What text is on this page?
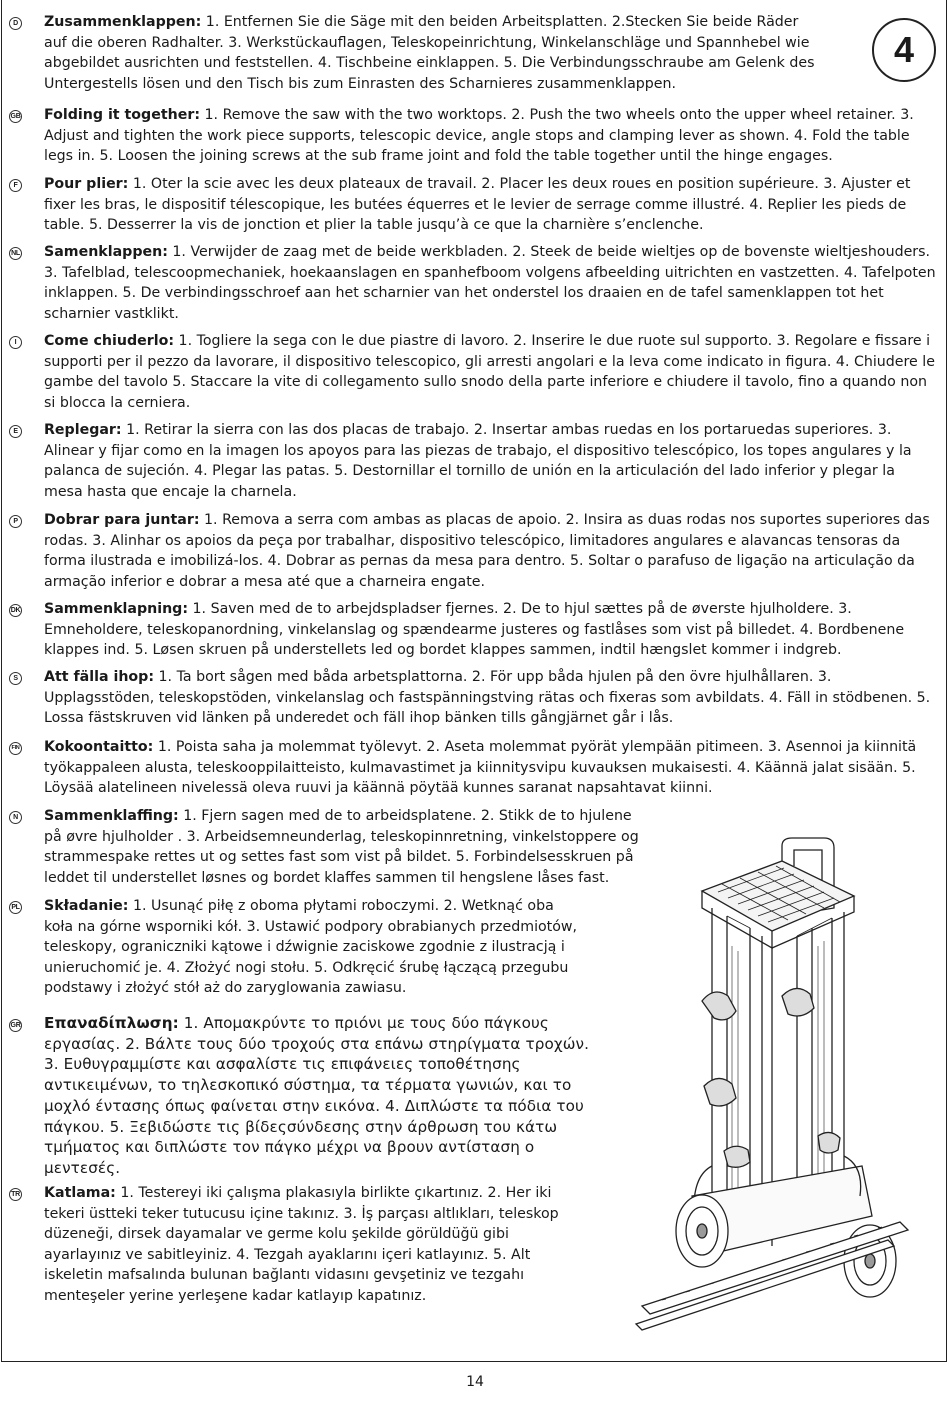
4
D Zusammenklappen: 1. Entfernen Sie die Säge mit den beiden Arbeitsplatten. 2.Stecken Sie beide Räder auf die oberen Radhalter. 3. Werkstückauflagen, Teleskopeinrichtung, Winkelanschläge und Spannhebel wie abgebildet ausrichten und feststellen. 4. Tischbeine einklappen. 5. Die Verbindungsschraube am Gelenk des Untergestells lösen und den Tisch bis zum Einrasten des Scharnieres zusammenklappen.
GB Folding it together: 1. Remove the saw with the two worktops. 2. Push the two wheels onto the upper wheel retainer. 3. Adjust and tighten the work piece supports, telescopic device, angle stops and clamping lever as shown. 4. Fold the table legs in. 5. Loosen the joining screws at the sub frame joint and fold the table together until the hinge engages.
F	Pour plier: 1. Oter la scie avec les deux plateaux de travail. 2. Placer les deux roues en position supérieure. 3. Ajuster et fixer les bras, le dispositif télescopique, les butées équerres et le levier de serrage comme illustré. 4. Replier les pieds de table. 5. Desserrer la vis de jonction et plier la table jusqu’à ce que la charnière s’enclenche.
NL Samenklappen: 1. Verwijder de zaag met de beide werkbladen. 2. Steek de beide wieltjes op de bovenste wieltjeshouders. 3. Tafelblad, telescoopmechaniek, hoekaanslagen en spanhefboom volgens afbeelding uitrichten en vastzetten. 4. Tafelpoten inklappen. 5. De verbindingsschroef aan het scharnier van het onderstel los draaien en de tafel samenklappen tot het scharnier vastklikt.
I	Come chiuderlo: 1. Togliere la sega con le due piastre di lavoro. 2. Inserire le due ruote sul supporto. 3. Regolare e fissare i supporti per il pezzo da lavorare, il dispositivo telescopico, gli arresti angolari e la leva come indicato in figura. 4. Chiudere le gambe del tavolo 5. Staccare la vite di collegamento sullo snodo della parte inferiore e chiudere il tavolo, fino a quando non si blocca la cerniera.
E	Replegar: 1. Retirar la sierra con las dos placas de trabajo. 2. Insertar ambas ruedas en los portaruedas superiores. 3. Alinear y fijar como en la imagen los apoyos para las piezas de trabajo, el dispositivo telescópico, los topes angulares y la palanca de sujeción. 4. Plegar las patas. 5. Destornillar el tornillo de unión en la articulación del lado inferior y plegar la mesa hasta que encaje la charnela.
P	Dobrar para juntar: 1. Remova a serra com ambas as placas de apoio. 2. Insira as duas rodas nos suportes superiores das rodas. 3. Alinhar os apoios da peça por trabalhar, dispositivo telescópico, limitadores angulares e alavancas tensoras da forma ilustrada e imobilizá-los. 4. Dobrar as pernas da mesa para dentro. 5. Soltar o parafuso de ligação na articulação da armação inferior e dobrar a mesa até que a charneira engate.
DK Sammenklapning: 1. Saven med de to arbejdspladser fjernes. 2. De to hjul sættes på de øverste hjulholdere. 3. Emneholdere, teleskopanordning, vinkelanslag og spændearme justeres og fastlåses som vist på billedet. 4. Bordbenene klappes ind. 5. Løsen skruen på understellets led og bordet klappes sammen, indtil hængslet kommer i indgreb.
S	Att fälla ihop: 1. Ta bort sågen med båda arbetsplattorna. 2. För upp båda hjulen på den övre hjulhållaren. 3. Upplagsstöden, teleskopstöden, vinkelanslag och fastspänningstving rätas och fixeras som avbildats. 4. Fäll in stödbenen. 5. Lossa fästskruven vid länken på underedet och fäll ihop bänken tills gångjärnet går i lås.
FIN Kokoontaitto: 1. Poista saha ja molemmat työlevyt. 2. Aseta molemmat pyörät ylempään pitimeen. 3. Asennoi ja kiinnitä työkappaleen alusta, teleskooppilaitteisto, kulmavastimet ja kiinnitysvipu kuvauksen mukaisesti. 4. Käännä jalat sisään. 5. Löysää alatelineen nivelessä oleva ruuvi ja käännä pöytää kunnes saranat napsahtavat kiinni.
N Sammenklaffing: 1. Fjern sagen med de to arbeidsplatene. 2. Stikk de to hjulene på øvre hjulholder . 3. Arbeidsemneunderlag, teleskopinnretning, vinkelstoppere og strammespake rettes ut og settes fast som vist på bildet. 5. Forbindelsesskruen på leddet til understellet løsnes og bordet klaffes sammen til hengslene låses fast.
PL Składanie: 1. Usunąć piłę z oboma płytami roboczymi. 2. Wetknąć oba koła na górne wsporniki kół. 3. Ustawić podpory obrabianych przedmiotów, teleskopy, ograniczniki kątowe i dźwignie zaciskowe zgodnie z ilustracją i unieruchomić je. 4. Złożyć nogi stołu. 5. Odkręcić śrubę łączącą przegubu podstawy i złożyć stół aż do zaryglowania zawiasu.
GR Επαναδίπλωση: 1. Απομακρύντε το πριόνι με τους δύο πάγκους εργασίας. 2. Βάλτε τους δύο τροχούς στα επάνω στηρίγματα τροχών. 3. Ευθυγραμμίστε και ασφαλίστε τις επιφάνειες τοποθέτησης αντικειμένων, το τηλεσκοπικό σύστημα, τα τέρματα γωνιών, και το μοχλό έντασης όπως φαίνεται στην εικόνα. 4. Διπλώστε τα πόδια του πάγκου. 5. Ξεβιδώστε τις βίδεςσύνδεσης στην άρθρωση του κάτω τμήματος και διπλώστε τον πάγκο μέχρι να βρουν αντίσταση ο μεντεσές.
TR Katlama: 1. Testereyi iki çalışma plakasıyla birlikte çıkartınız. 2. Her iki tekeri üstteki teker tutucusu içine takınız. 3. İş parçası altlıkları, teleskop düzeneği, dirsek dayamalar ve germe kolu şekilde görüldüğü gibi ayarlayınız ve sabitleyiniz. 4. Tezgah ayaklarını içeri katlayınız. 5. Alt iskeletin mafsalında bulunan bağlantı vidasını gevşetiniz ve tezgahı menteşeler yerine yerleşene kadar katlayıp kapatınız.
14
